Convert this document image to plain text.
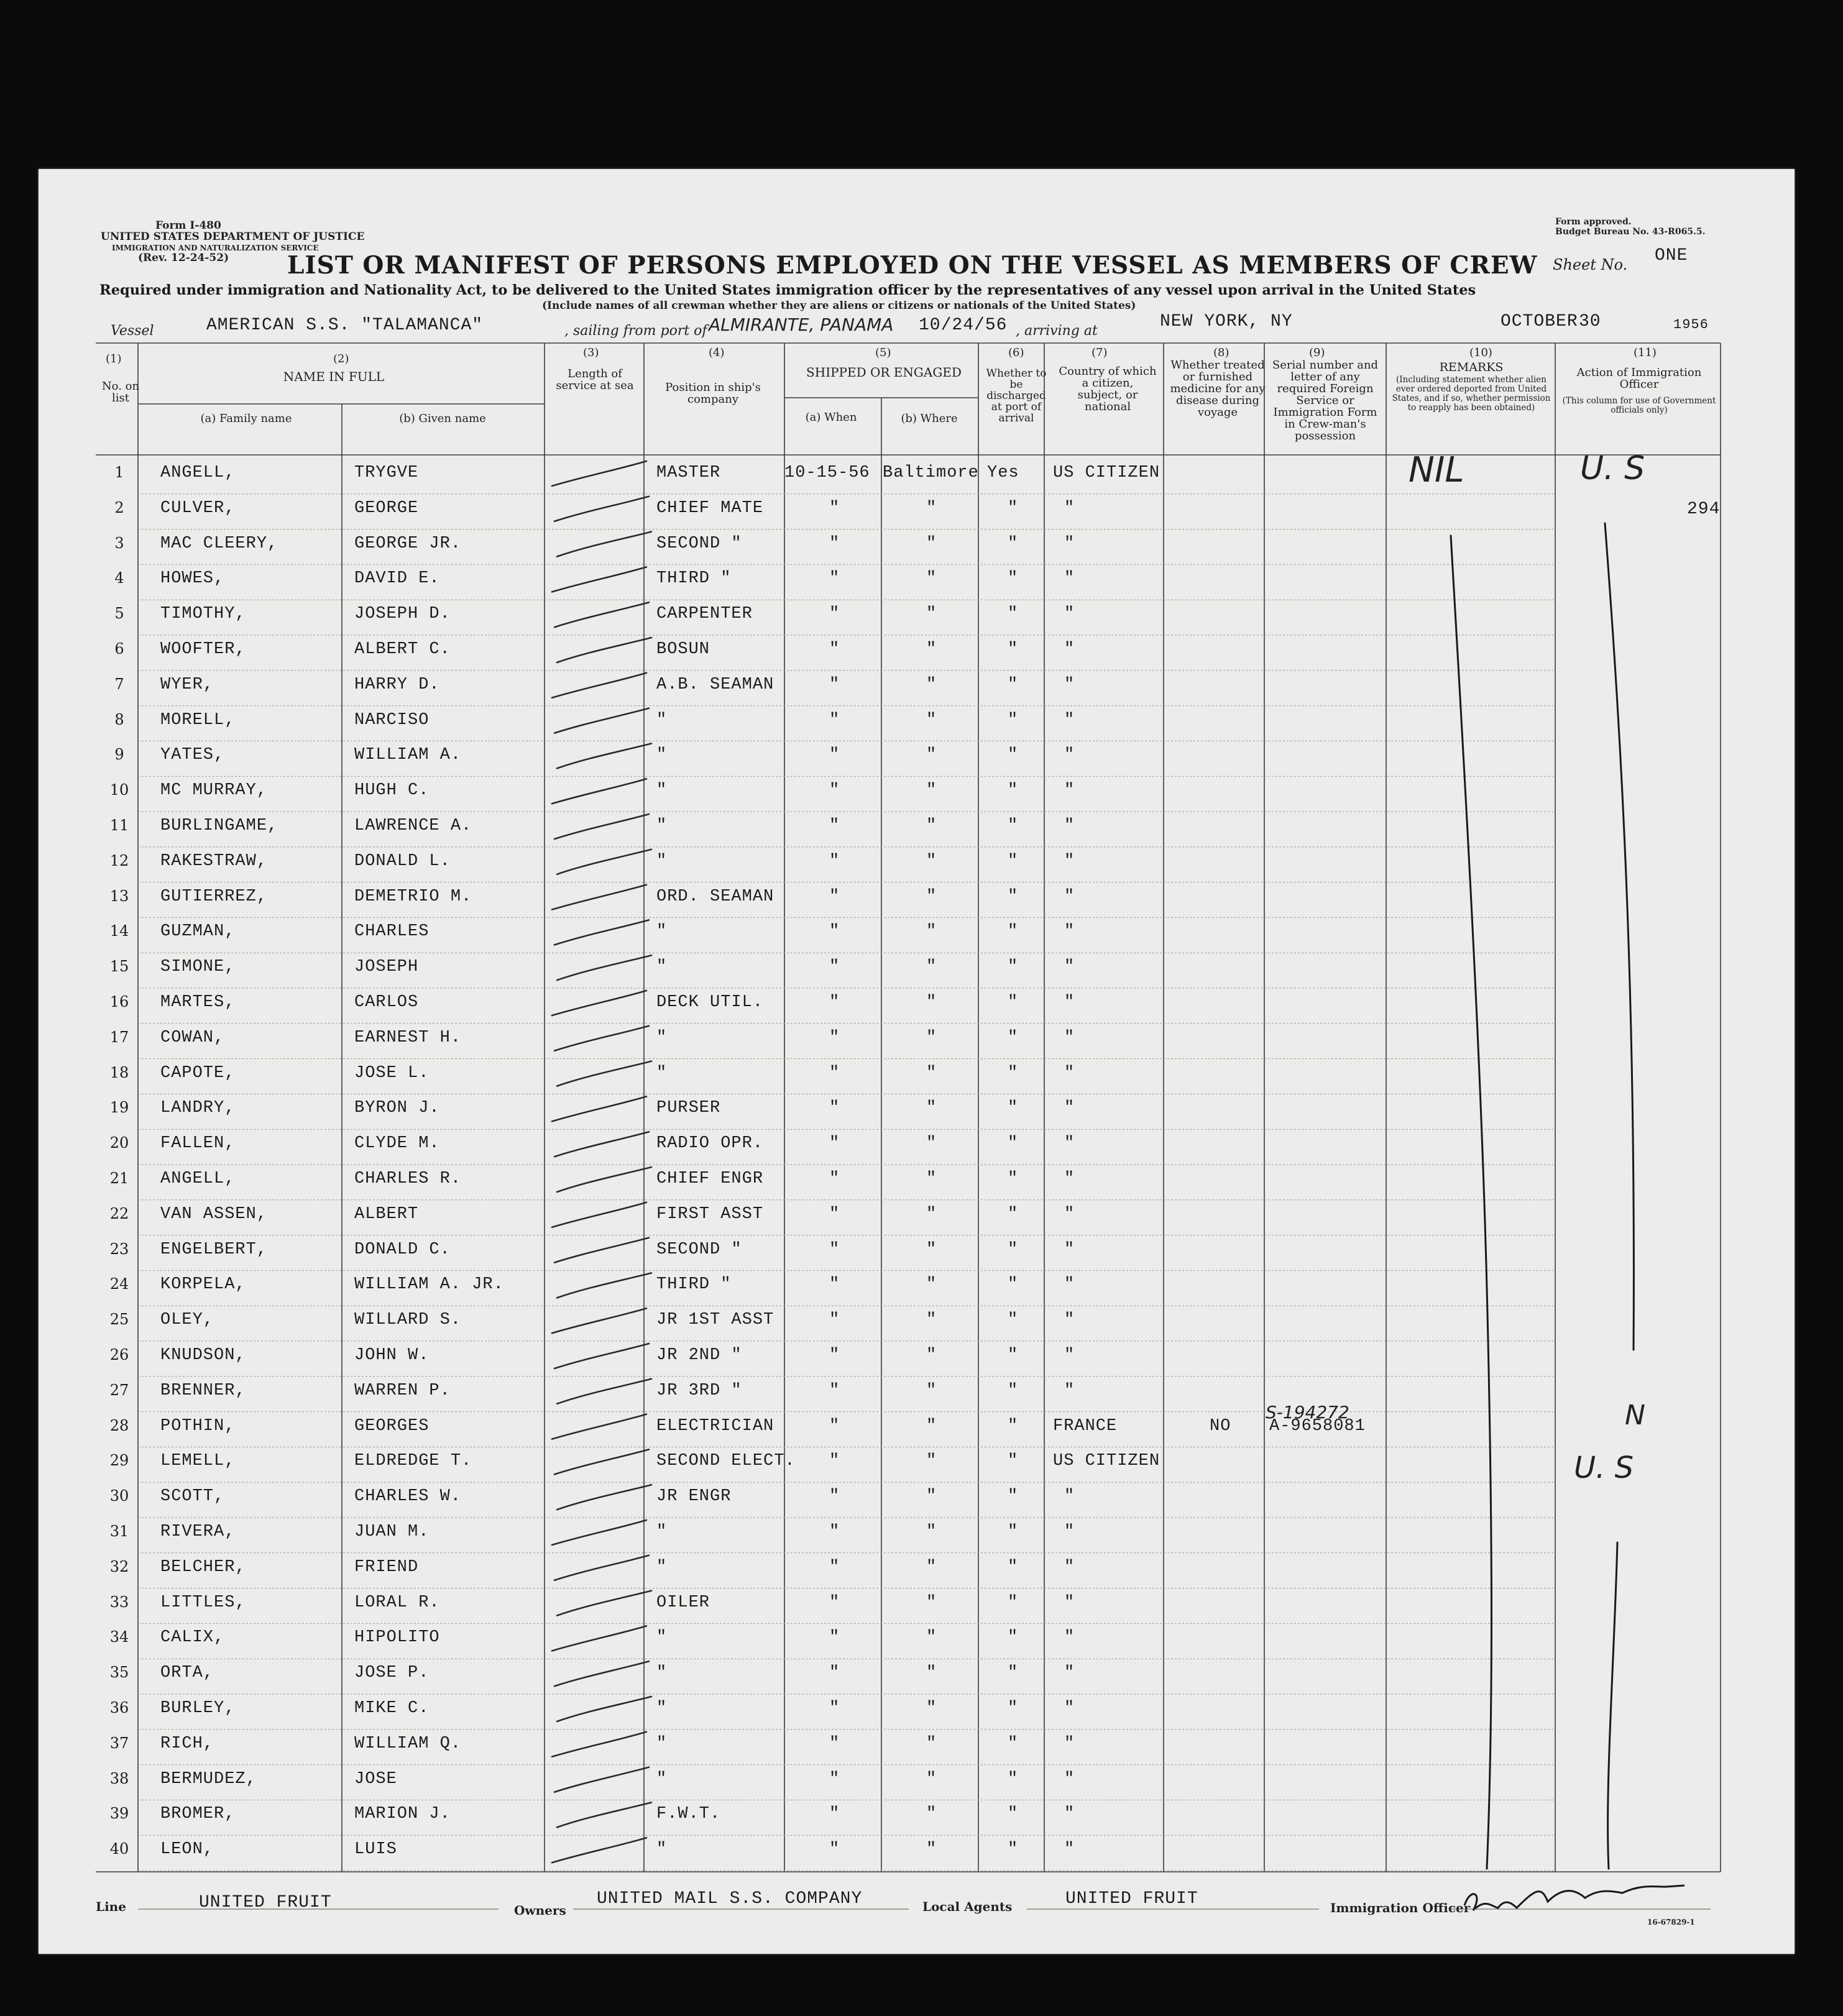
Form I-480
UNITED STATES DEPARTMENT OF JUSTICE
IMMIGRATION AND NATURALIZATION SERVICE
(Rev. 12-24-52)
Form approved.
Budget Bureau No. 43-R065.5.
LIST OR MANIFEST OF PERSONS EMPLOYED ON THE VESSEL AS MEMBERS OF CREW Sheet No. ONE
Required under immigration and Nationality Act, to be delivered to the United States immigration officer by the representatives of any vessel upon arrival in the United States
(Include names of all crewman whether they are aliens or citizens or nationals of the United States)
Vessel	AMERICAN S.S. "TALAMANCA"	, sailing from port of ALMIRANTE, PANAMA 10/24/56 , arriving at	NEW YORK, NY	OCTOBER 30	1956
294
(1)
No. on list
(2)
NAME IN FULL
(a) Family name	(b) Given name
(3)
Length of service at sea
(4)
Position in ship's company
(5)
SHIPPED OR ENGAGED
(a) When	(b) Where
(6)
Whether to be discharged at port of arrival
(7)
Country of which a citizen, subject, or national
(8)
Whether treated or furnished medicine for any disease during voyage
(9)
Serial number and letter of any required Foreign Service or Immigration Form in Crew-man's possession
(10)
REMARKS
(Including statement whether alien ever ordered deported from United States, and if so, whether permission to reapply has been obtained)
(11)
Action of Immigration Officer
(This column for use of Government officials only)
NIL	U. S
S-194272	N
U. S
1	ANGELL,	TRYGVE	MASTER	10-15-56 Baltimore Yes US CITIZEN
2	CULVER,	GEORGE	CHIEF MATE	"	"	"	"
3	MAC CLEERY,	GEORGE JR.	SECOND "	"	"	"	"
4	HOWES,	DAVID E.	THIRD "	"	"	"	"
5	TIMOTHY,	JOSEPH D.	CARPENTER	"	"	"	"
6	WOOFTER,	ALBERT C.	BOSUN	"	"	"	"
7	WYER,	HARRY D.	A.B. SEAMAN	"	"	"	"
8	MORELL,	NARCISO	"	"	"	"	"
9	YATES,	WILLIAM A.	"	"	"	"	"
10	MC MURRAY,	HUGH C.	"	"	"	"	"
11	BURLINGAME,	LAWRENCE A.	"	"	"	"	"
12	RAKESTRAW,	DONALD L.	"	"	"	"	"
13	GUTIERREZ,	DEMETRIO M.	ORD. SEAMAN	"	"	"	"
14	GUZMAN,	CHARLES	"	"	"	"	"
15	SIMONE,	JOSEPH	"	"	"	"	"
16	MARTES,	CARLOS	DECK UTIL.	"	"	"	"
17	COWAN,	EARNEST H.	"	"	"	"	"
18	CAPOTE,	JOSE L.	"	"	"	"	"
19	LANDRY,	BYRON J.	PURSER	"	"	"	"
20	FALLEN,	CLYDE M.	RADIO OPR.	"	"	"	"
21	ANGELL,	CHARLES R.	CHIEF ENGR	"	"	"	"
22	VAN ASSEN,	ALBERT	FIRST ASST	"	"	"	"
23	ENGELBERT,	DONALD C.	SECOND "	"	"	"	"
24	KORPELA,	WILLIAM A. JR.	THIRD "	"	"	"	"
25	OLEY,	WILLARD S.	JR 1ST ASST	"	"	"	"
26	KNUDSON,	JOHN W.	JR 2ND "	"	"	"	"
27	BRENNER,	WARREN P.	JR 3RD "	"	"	"	"
28	POTHIN,	GEORGES	ELECTRICIAN	"	"	" FRANCE	NO A-9658081
29	LEMELL,	ELDREDGE T.	SECOND ELECT. "	"	" US CITIZEN
30	SCOTT,	CHARLES W.	JR ENGR	"	"	"	"
31	RIVERA,	JUAN M.	"	"	"	"	"
32	BELCHER,	FRIEND	"	"	"	"	"
33	LITTLES,	LORAL R.	OILER	"	"	"	"
34	CALIX,	HIPOLITO	"	"	"	"	"
35	ORTA,	JOSE P.	"	"	"	"	"
36	BURLEY,	MIKE C.	"	"	"	"	"
37	RICH,	WILLIAM Q.	"	"	"	"	"
38	BERMUDEZ,	JOSE	"	"	"	"	"
39	BROMER,	MARION J.	F.W.T.	"	"	"	"
40	LEON,	LUIS	"	"	"	"	"
Line	UNITED FRUIT	Owners
UNITED MAIL S.S. COMPANY	Local Agents	UNITED FRUIT	Immigration Officer
16-67829-1
